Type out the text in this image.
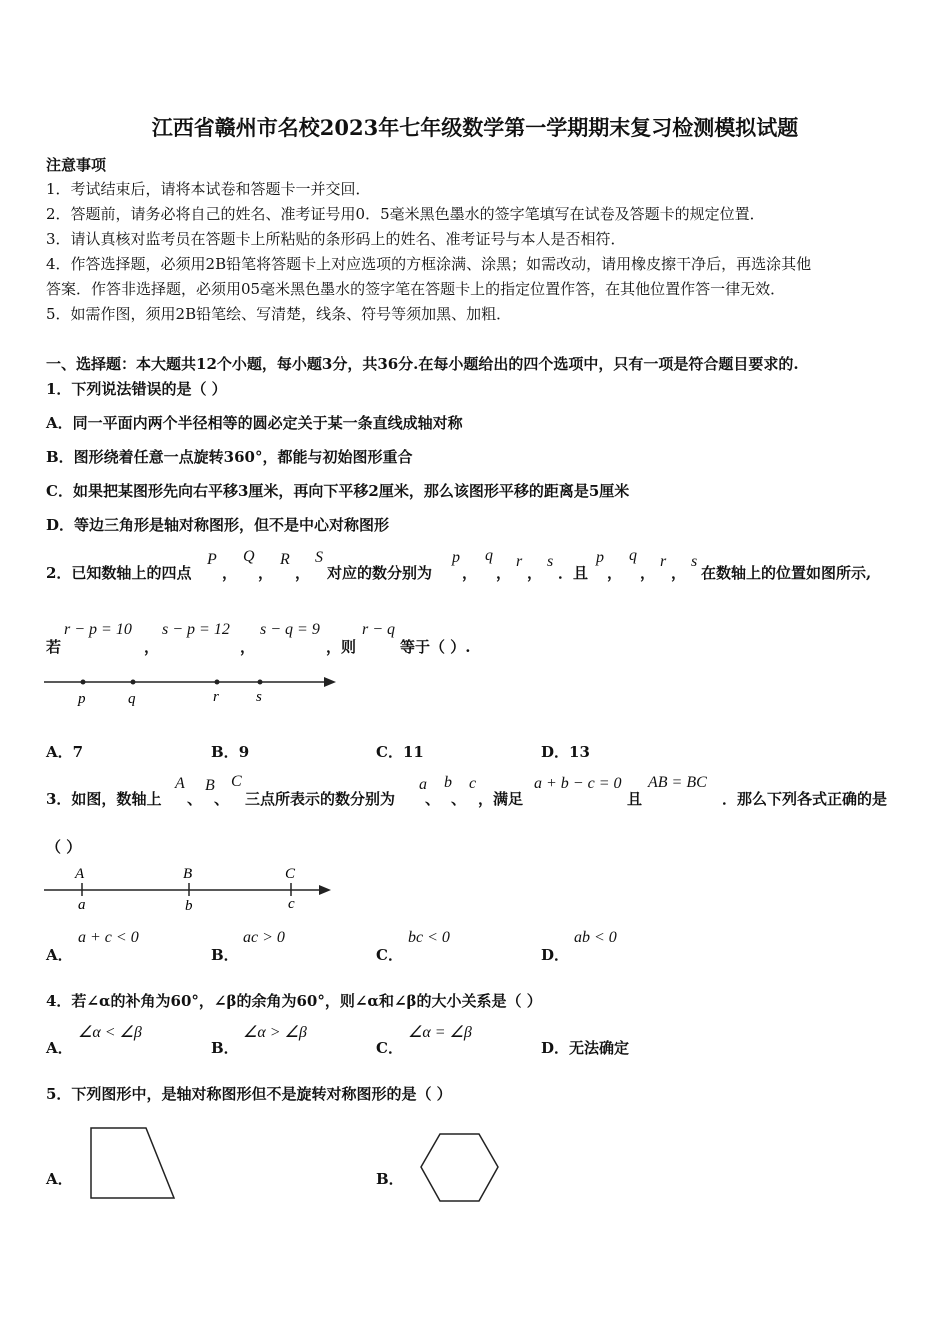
江西省赣州市名校2023年七年级数学第一学期期末复习检测模拟试题
注意事项
1．考试结束后，请将本试卷和答题卡一并交回．
2．答题前，请务必将自己的姓名、准考证号用0．5毫米黑色墨水的签字笔填写在试卷及答题卡的规定位置．
3．请认真核对监考员在答题卡上所粘贴的条形码上的姓名、准考证号与本人是否相符．
4．作答选择题，必须用2B铅笔将答题卡上对应选项的方框涂满、涂黑；如需改动，请用橡皮擦干净后，再选涂其他
答案．作答非选择题，必须用05毫米黑色墨水的签字笔在答题卡上的指定位置作答，在其他位置作答一律无效．
5．如需作图，须用2B铅笔绘、写清楚，线条、符号等须加黑、加粗．
一、选择题：本大题共12个小题，每小题3分，共36分.在每小题给出的四个选项中，只有一项是符合题目要求的.
1．下列说法错误的是（ ）
A．同一平面内两个半径相等的圆必定关于某一条直线成轴对称
B．图形绕着任意一点旋转360°，都能与初始图形重合
C．如果把某图形先向右平移3厘米，再向下平移2厘米，那么该图形平移的距离是5厘米
D．等边三角形是轴对称图形，但不是中心对称图形
2．已知数轴上的四点
P
，
Q
，
R
，
S
对应的数分别为
p
，
q
，
r
，
s
．且
p
，
q
，
r
，
s
在数轴上的位置如图所示,
若
r − p = 10
，
s − p = 12
，
s − q = 9
，则
r − q
等于（ ）.
p	q	r s
A．7	B．9	C．11	D．13
3．如图，数轴上
A
、
B
、
C
三点所表示的数分别为
a
、
b
、
c
，满足
a + b − c = 0
且
AB = BC
．那么下列各式正确的是
（ ）
A	B	C
a	b	c
A．
a + c < 0
B．
ac > 0
C．
bc < 0
D．
ab < 0
4．若∠α的补角为60°，∠β的余角为60°，则∠α和∠β的大小关系是（ ）
A．
∠α < ∠β
B．
∠α > ∠β
C．
∠α = ∠β
D．无法确定
5．下列图形中，是轴对称图形但不是旋转对称图形的是（ ）
A．	B．
